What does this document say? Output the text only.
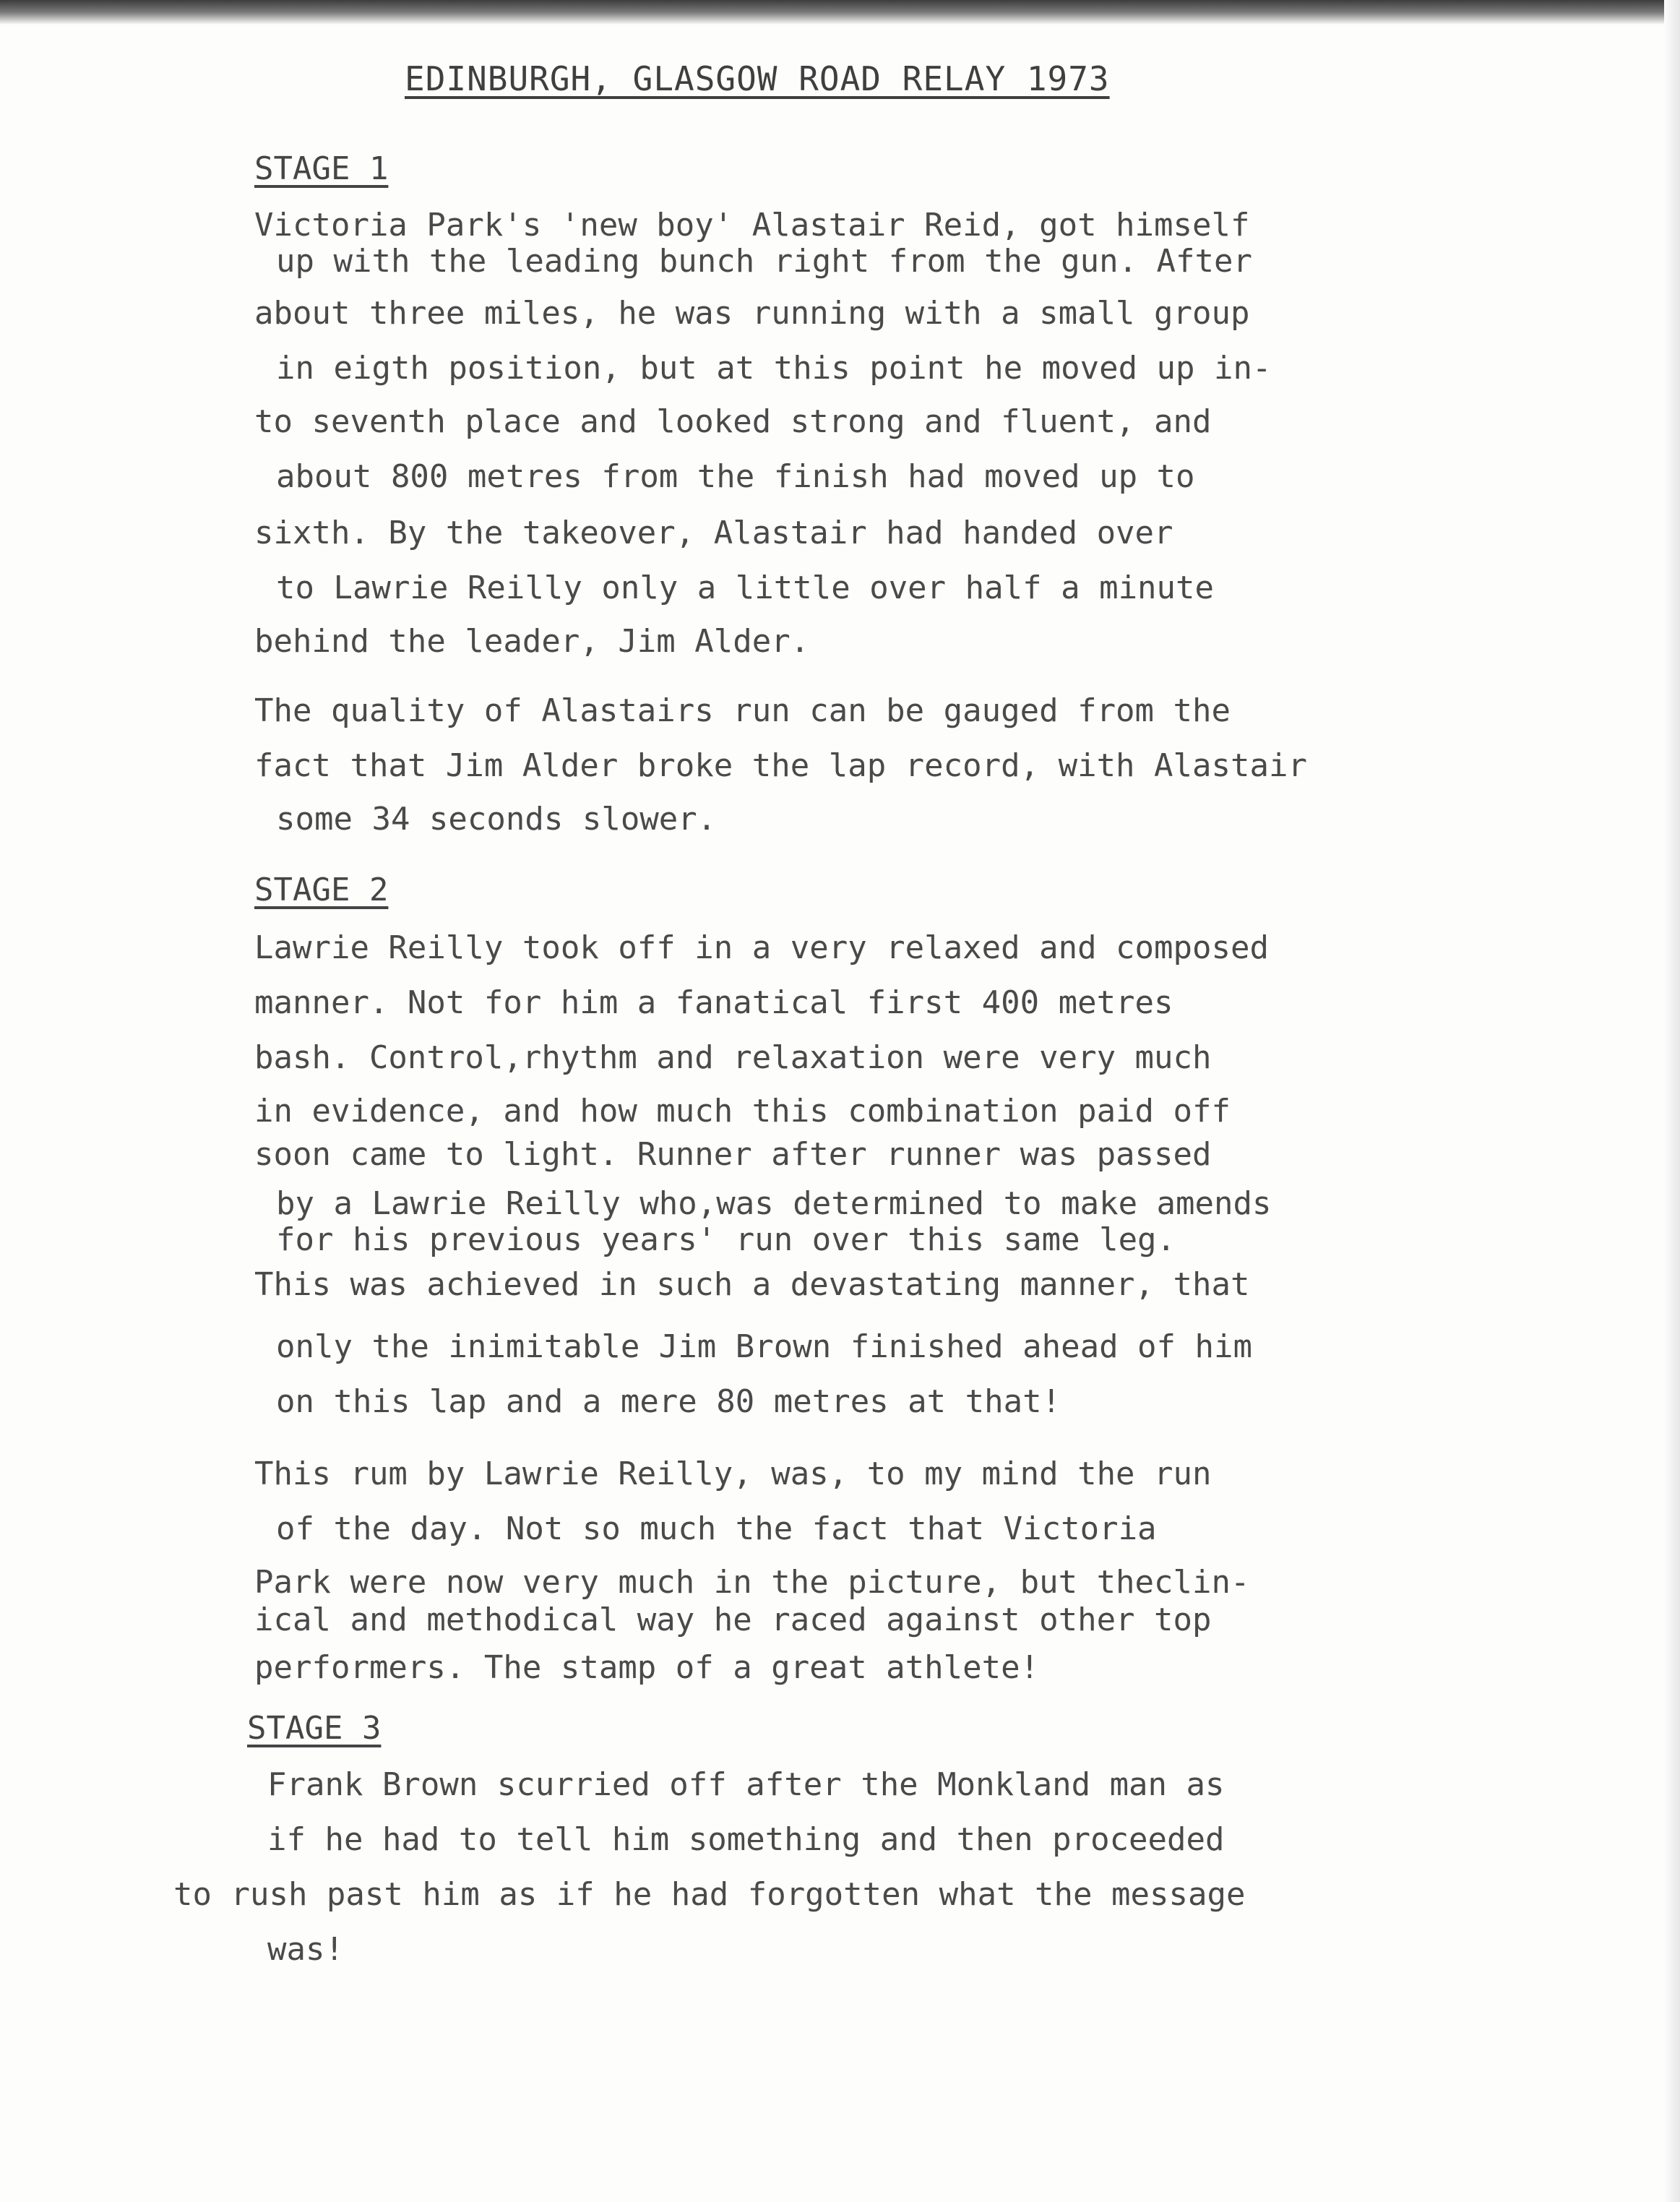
EDINBURGH, GLASGOW ROAD RELAY 1973
STAGE 1
Victoria Park's 'new boy' Alastair Reid, got himself
up with the leading bunch right from the gun. After
about three miles, he was running with a small group
in eigth position, but at this point he moved up in-
to seventh place and looked strong and fluent, and
about 800 metres from the finish had moved up to
sixth. By the takeover, Alastair had handed over
to Lawrie Reilly only a little over half a minute
behind the leader, Jim Alder.
The quality of Alastairs run can be gauged from the
fact that Jim Alder broke the lap record, with Alastair
some 34 seconds slower.
STAGE 2
Lawrie Reilly took off in a very relaxed and composed
manner. Not for him a fanatical first 400 metres
bash. Control,rhythm and relaxation were very much
in evidence, and how much this combination paid off
soon came to light. Runner after runner was passed
by a Lawrie Reilly who,was determined to make amends
for his previous years' run over this same leg.
This was achieved in such a devastating manner, that
only the inimitable Jim Brown finished ahead of him
on this lap and a mere 80 metres at that!
This rum by Lawrie Reilly, was, to my mind the run
of the day. Not so much the fact that Victoria
Park were now very much in the picture, but theclin-
ical and methodical way he raced against other top
performers. The stamp of a great athlete!
STAGE 3
Frank Brown scurried off after the Monkland man as
if he had to tell him something and then proceeded
to rush past him as if he had forgotten what the message
was!
